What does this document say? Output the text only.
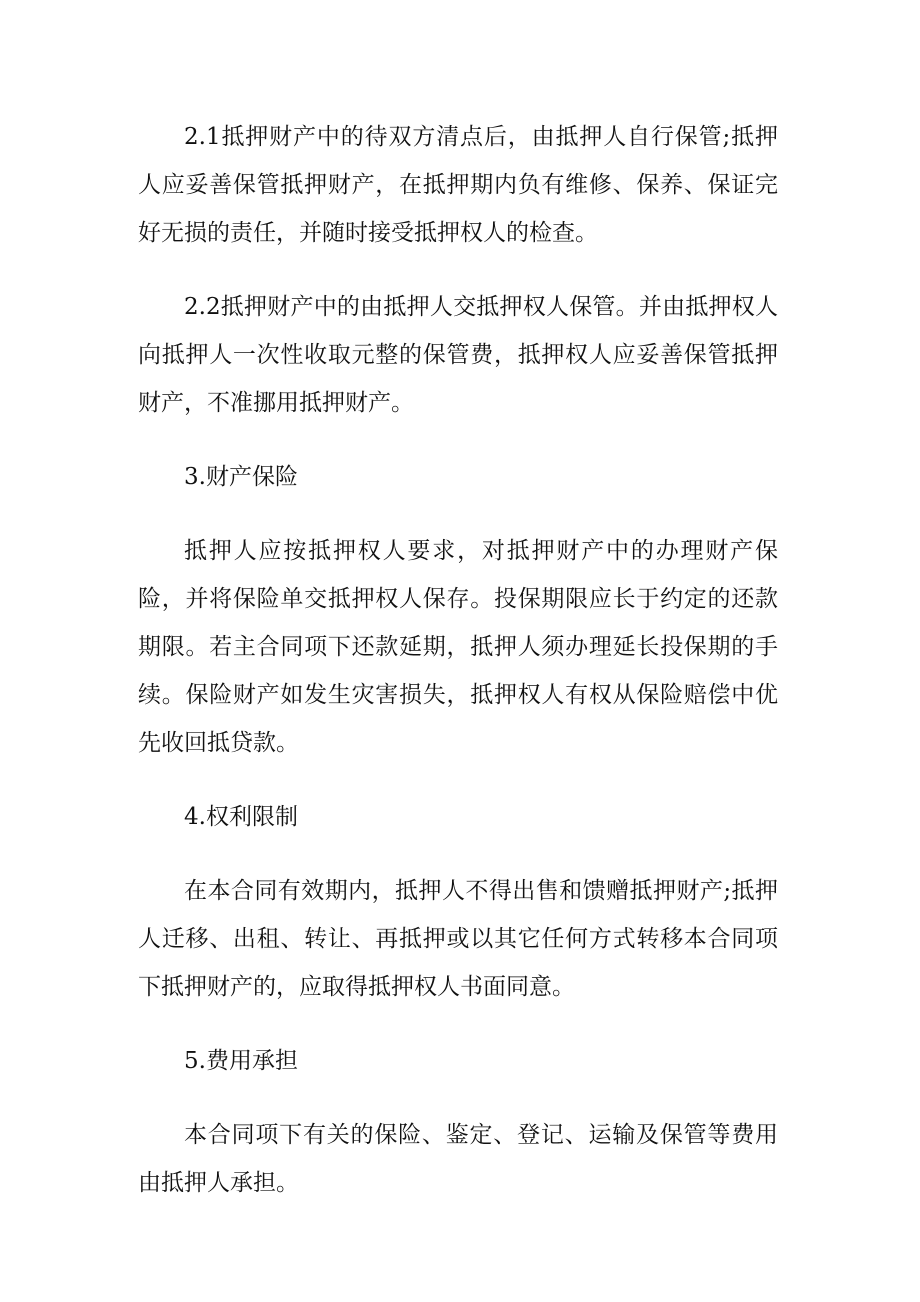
2.1抵押财产中的待双方清点后，由抵押人自行保管;抵押人应妥善保管抵押财产，在抵押期内负有维修、保养、保证完好无损的责任，并随时接受抵押权人的检查。

2.2抵押财产中的由抵押人交抵押权人保管。并由抵押权人向抵押人一次性收取元整的保管费，抵押权人应妥善保管抵押财产，不准挪用抵押财产。

3.财产保险

抵押人应按抵押权人要求，对抵押财产中的办理财产保险，并将保险单交抵押权人保存。投保期限应长于约定的还款期限。若主合同项下还款延期，抵押人须办理延长投保期的手续。保险财产如发生灾害损失，抵押权人有权从保险赔偿中优先收回抵贷款。

4.权利限制

在本合同有效期内，抵押人不得出售和馈赠抵押财产;抵押人迁移、出租、转让、再抵押或以其它任何方式转移本合同项下抵押财产的，应取得抵押权人书面同意。

5.费用承担

本合同项下有关的保险、鉴定、登记、运输及保管等费用由抵押人承担。
